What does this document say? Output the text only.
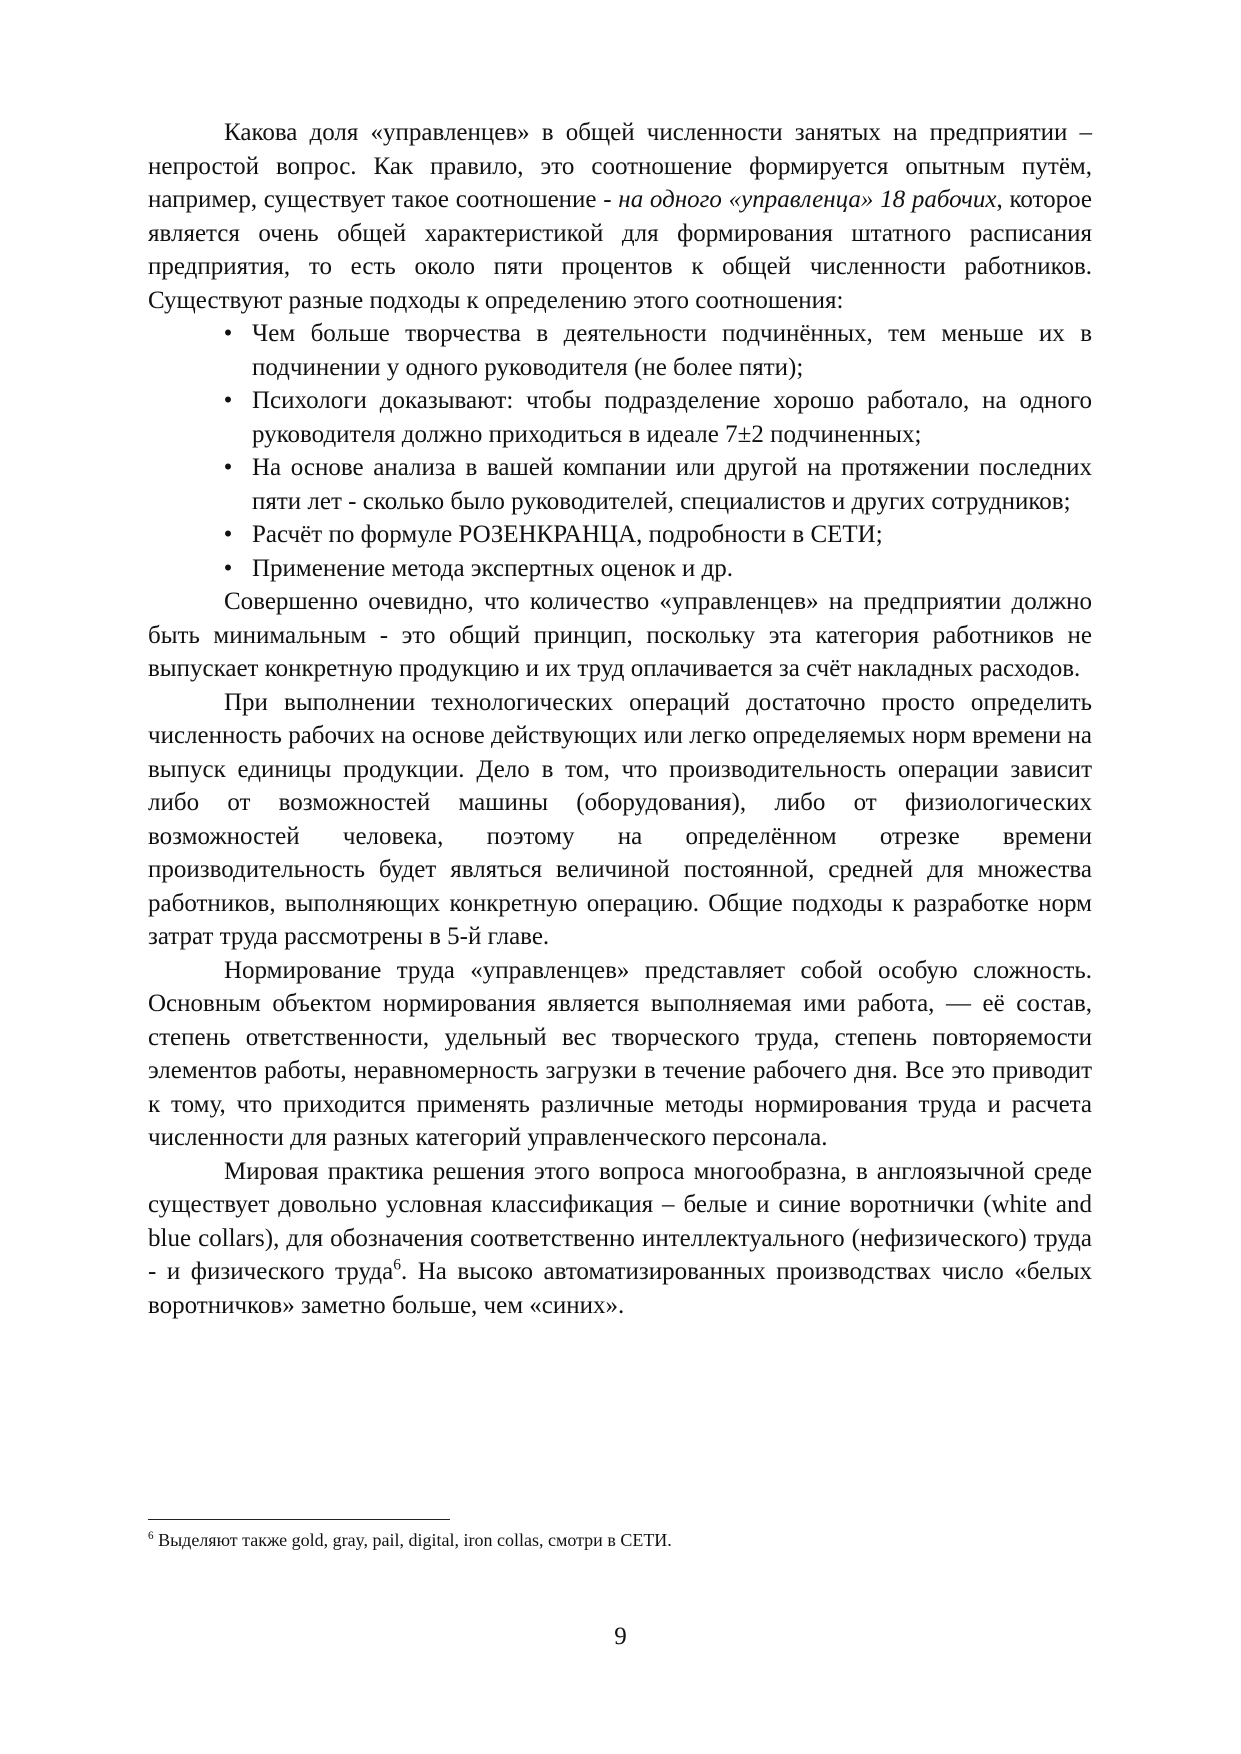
Какова доля «управленцев» в общей численности занятых на предприятии – непростой вопрос. Как правило, это соотношение формируется опытным путём, например, существует такое соотношение - на одного «управленца» 18 рабочих, которое является очень общей характеристикой для формирования штатного расписания предприятия, то есть около пяти процентов к общей численности работников. Существуют разные подходы к определению этого соотношения:

• Чем больше творчества в деятельности подчинённых, тем меньше их в подчинении у одного руководителя (не более пяти);
• Психологи доказывают: чтобы подразделение хорошо работало, на одного руководителя должно приходиться в идеале 7±2 подчиненных;
• На основе анализа в вашей компании или другой на протяжении последних пяти лет - сколько было руководителей, специалистов и других сотрудников;
• Расчёт по формуле РОЗЕНКРАНЦА, подробности в СЕТИ;
• Применение метода экспертных оценок и др.

Совершенно очевидно, что количество «управленцев» на предприятии должно быть минимальным - это общий принцип, поскольку эта категория работников не выпускает конкретную продукцию и их труд оплачивается за счёт накладных расходов.

При выполнении технологических операций достаточно просто определить численность рабочих на основе действующих или легко определяемых норм времени на выпуск единицы продукции. Дело в том, что производительность операции зависит либо от возможностей машины (оборудования), либо от физиологических возможностей человека, поэтому на определённом отрезке времени производительность будет являться величиной постоянной, средней для множества работников, выполняющих конкретную операцию. Общие подходы к разработке норм затрат труда рассмотрены в 5-й главе.

Нормирование труда «управленцев» представляет собой особую сложность. Основным объектом нормирования является выполняемая ими работа, — её состав, степень ответственности, удельный вес творческого труда, степень повторяемости элементов работы, неравномерность загрузки в течение рабочего дня. Все это приводит к тому, что приходится применять различные методы нормирования труда и расчета численности для разных категорий управленческого персонала.

Мировая практика решения этого вопроса многообразна, в англоязычной среде существует довольно условная классификация – белые и синие воротнички (white and blue collars), для обозначения соответственно интеллектуального (нефизического) труда - и физического труда$^6$. На высоко автоматизированных производствах число «белых воротничков» заметно больше, чем «синих».

$^6$ Выделяют также gold, gray, pail, digital, iron collas, смотри в СЕТИ.
9
